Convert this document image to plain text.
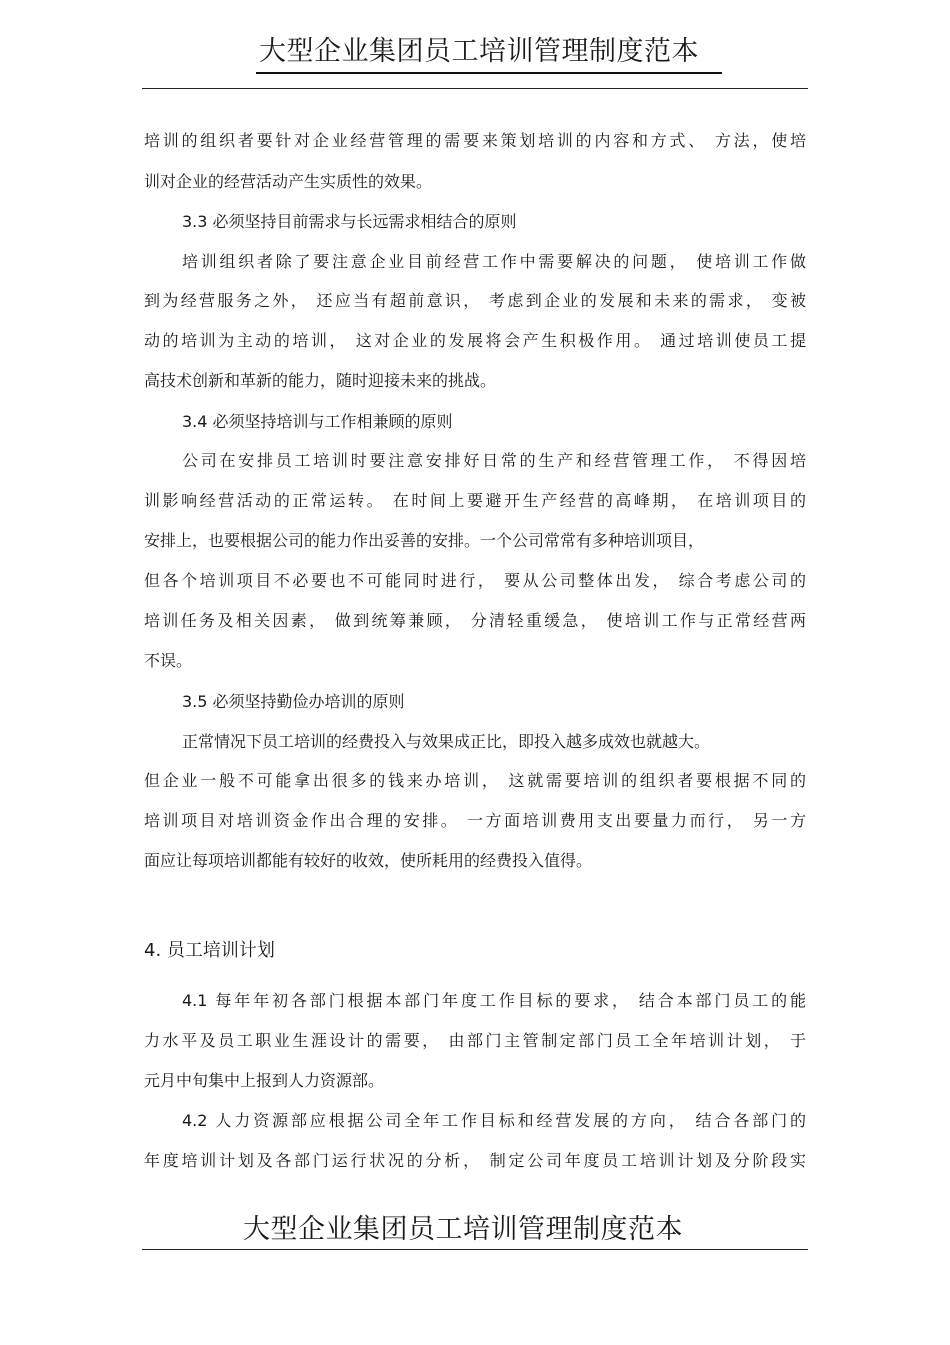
大型企业集团员工培训管理制度范本
培训的组织者要针对企业经营管理的需要来策划培训的内容和方式、 方法，使培
训对企业的经营活动产生实质性的效果。
3.3 必须坚持目前需求与长远需求相结合的原则
培训组织者除了要注意企业目前经营工作中需要解决的问题， 使培训工作做
到为经营服务之外， 还应当有超前意识， 考虑到企业的发展和未来的需求， 变被
动的培训为主动的培训， 这对企业的发展将会产生积极作用。 通过培训使员工提
高技术创新和革新的能力，随时迎接未来的挑战。
3.4 必须坚持培训与工作相兼顾的原则
公司在安排员工培训时要注意安排好日常的生产和经营管理工作， 不得因培
训影响经营活动的正常运转。 在时间上要避开生产经营的高峰期， 在培训项目的
安排上，也要根据公司的能力作出妥善的安排。一个公司常常有多种培训项目，
但各个培训项目不必要也不可能同时进行， 要从公司整体出发， 综合考虑公司的
培训任务及相关因素， 做到统筹兼顾， 分清轻重缓急， 使培训工作与正常经营两
不误。
3.5 必须坚持勤俭办培训的原则
正常情况下员工培训的经费投入与效果成正比，即投入越多成效也就越大。
但企业一般不可能拿出很多的钱来办培训， 这就需要培训的组织者要根据不同的
培训项目对培训资金作出合理的安排。 一方面培训费用支出要量力而行， 另一方
面应让每项培训都能有较好的收效，使所耗用的经费投入值得。
4. 员工培训计划
4.1 每年年初各部门根据本部门年度工作目标的要求， 结合本部门员工的能
力水平及员工职业生涯设计的需要， 由部门主管制定部门员工全年培训计划， 于
元月中旬集中上报到人力资源部。
4.2 人力资源部应根据公司全年工作目标和经营发展的方向， 结合各部门的
年度培训计划及各部门运行状况的分析， 制定公司年度员工培训计划及分阶段实
大型企业集团员工培训管理制度范本
